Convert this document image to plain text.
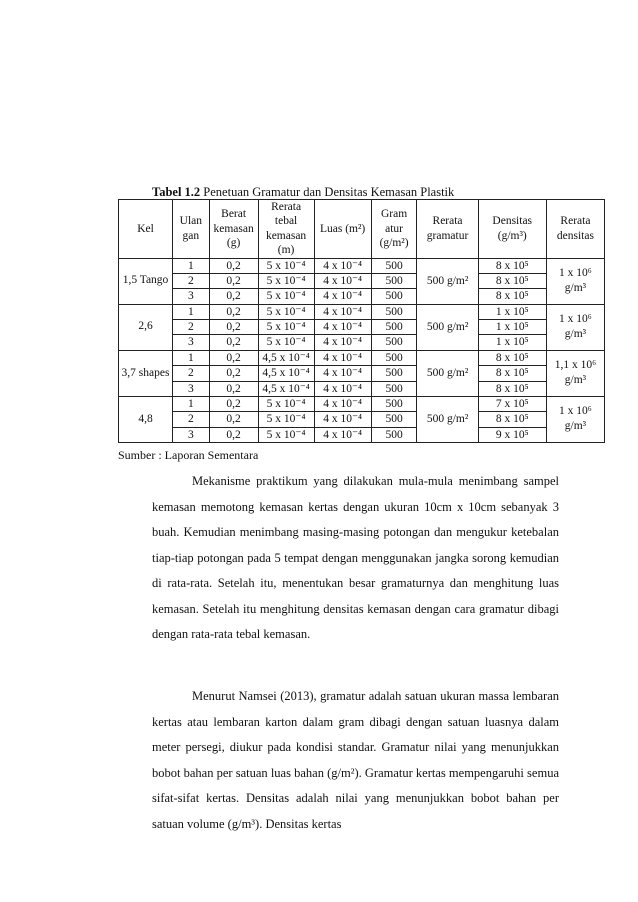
Tabel 1.2 Penetuan Gramatur dan Densitas Kemasan Plastik
Kel	Ulan gan	Berat kemasan (g)	Rerata tebal kemasan (m)	Luas (m²)	Gram atur (g/m²)	Rerata gramatur	Densitas (g/m³)	Rerata densitas
1,5 Tango	1	0,2	5 x 10⁻⁴	4 x 10⁻⁴	500	500 g/m²	8 x 10⁵	1 x 10⁶ g/m³
	2	0,2	5 x 10⁻⁴	4 x 10⁻⁴	500		8 x 10⁵	
	3	0,2	5 x 10⁻⁴	4 x 10⁻⁴	500		8 x 10⁵	
2,6	1	0,2	5 x 10⁻⁴	4 x 10⁻⁴	500	500 g/m²	1 x 10⁵	1 x 10⁶ g/m³
	2	0,2	5 x 10⁻⁴	4 x 10⁻⁴	500		1 x 10⁵	
	3	0,2	5 x 10⁻⁴	4 x 10⁻⁴	500		1 x 10⁵	
3,7 shapes	1	0,2	4,5 x 10⁻⁴	4 x 10⁻⁴	500	500 g/m²	8 x 10⁵	1,1 x 10⁶ g/m³
	2	0,2	4,5 x 10⁻⁴	4 x 10⁻⁴	500		8 x 10⁵	
	3	0,2	4,5 x 10⁻⁴	4 x 10⁻⁴	500		8 x 10⁵	
4,8	1	0,2	5 x 10⁻⁴	4 x 10⁻⁴	500	500 g/m²	7 x 10⁵	1 x 10⁶ g/m³
	2	0,2	5 x 10⁻⁴	4 x 10⁻⁴	500		8 x 10⁵	
	3	0,2	5 x 10⁻⁴	4 x 10⁻⁴	500		9 x 10⁵	
Sumber : Laporan Sementara
Mekanisme praktikum yang dilakukan mula-mula menimbang sampel kemasan memotong kemasan kertas dengan ukuran 10cm x 10cm sebanyak 3 buah. Kemudian menimbang masing-masing potongan dan mengukur ketebalan tiap-tiap potongan pada 5 tempat dengan menggunakan jangka sorong kemudian di rata-rata. Setelah itu, menentukan besar gramaturnya dan menghitung luas kemasan. Setelah itu menghitung densitas kemasan dengan cara gramatur dibagi dengan rata-rata tebal kemasan.
Menurut Namsei (2013), gramatur adalah satuan ukuran massa lembaran kertas atau lembaran karton dalam gram dibagi dengan satuan luasnya dalam meter persegi, diukur pada kondisi standar. Gramatur nilai yang menunjukkan bobot bahan per satuan luas bahan (g/m²). Gramatur kertas mempengaruhi semua sifat-sifat kertas. Densitas adalah nilai yang menunjukkan bobot bahan per satuan volume (g/m³). Densitas kertas
